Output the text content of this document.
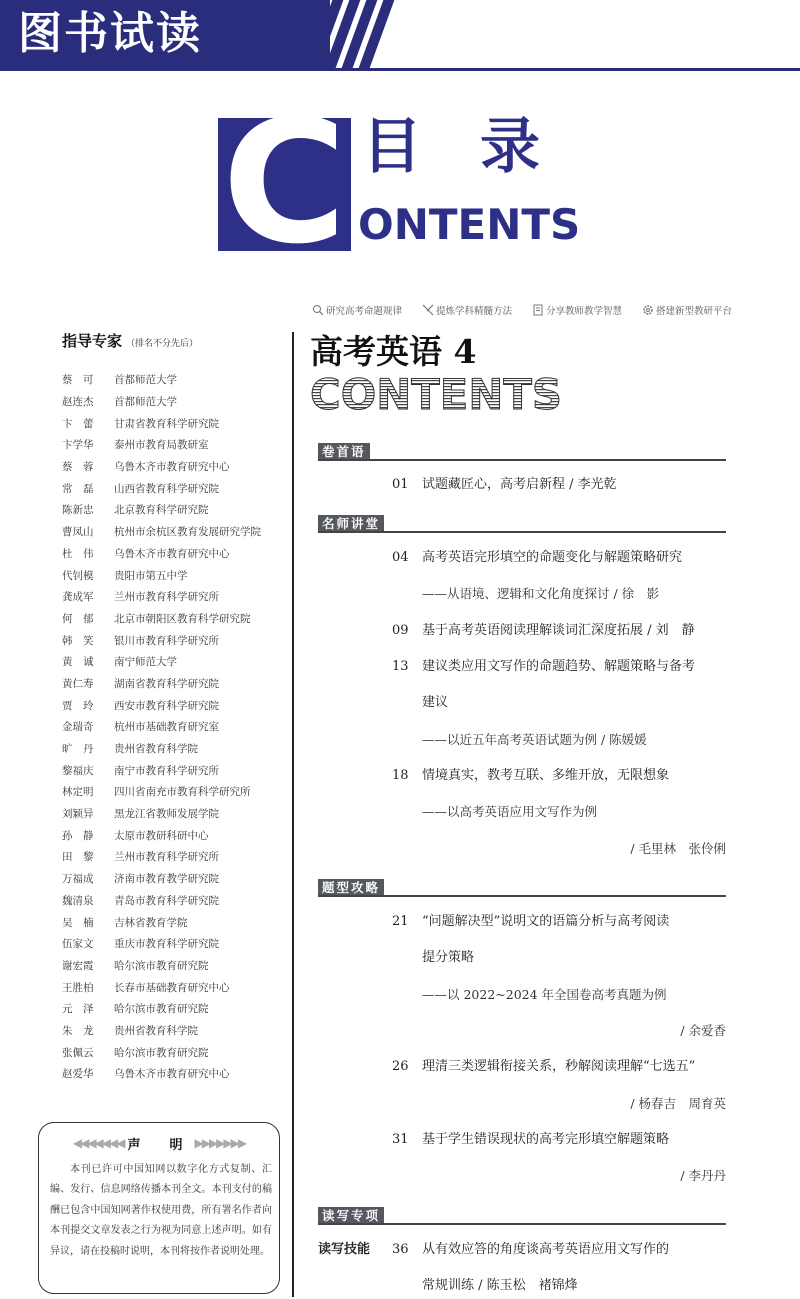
图书试读
C 目录
ONTENTS
研究高考命题规律	提炼学科精髓方法	分享教师教学智慧	搭建新型教研平台
指导专家 （排名不分先后）
蔡　可	首都师范大学
赵连杰	首都师范大学
卞　蕾	甘肃省教育科学研究院
卞学华	泰州市教育局教研室
蔡　蓉	乌鲁木齐市教育研究中心
常　磊	山西省教育科学研究院
陈新忠	北京教育科学研究院
曹凤山	杭州市余杭区教育发展研究学院
杜　伟	乌鲁木齐市教育研究中心
代钊模	贵阳市第五中学
龚成军	兰州市教育科学研究所
何　郁	北京市朝阳区教育科学研究院
韩　笑	银川市教育科学研究所
黄　诚	南宁师范大学
黄仁寿	湖南省教育科学研究院
贾　玲	西安市教育科学研究院
金瑞奇	杭州市基础教育研究室
旷　丹	贵州省教育科学院
黎福庆	南宁市教育科学研究所
林定明	四川省南充市教育科学研究所
刘颖异	黑龙江省教师发展学院
孙　静	太原市教研科研中心
田　黎	兰州市教育科学研究所
万福成	济南市教育教学研究院
魏清泉	青岛市教育科学研究院
吴　楠	吉林省教育学院
伍家文	重庆市教育科学研究院
谢宏霞	哈尔滨市教育研究院
王胜柏	长春市基础教育研究中心
元　泽	哈尔滨市教育研究院
朱　龙	贵州省教育科学院
张佩云	哈尔滨市教育研究院
赵爱华	乌鲁木齐市教育研究中心
◀◀◀◀◀◀◀ 声　明 ▶▶▶▶▶▶▶
本刊已许可中国知网以数字化方式复制、汇编、发行、信息网络传播本刊全文。本刊支付的稿酬已包含中国知网著作权使用费，所有署名作者向本刊提交文章发表之行为视为同意上述声明。如有异议，请在投稿时说明，本刊将按作者说明处理。
高考英语 4
CONTENTS
卷首语
01 试题藏匠心，高考启新程 / 李光乾
名师讲堂
04 高考英语完形填空的命题变化与解题策略研究
——从语境、逻辑和文化角度探讨 / 徐　影
09 基于高考英语阅读理解谈词汇深度拓展 / 刘　静
13 建议类应用文写作的命题趋势、解题策略与备考
建议
——以近五年高考英语试题为例 / 陈媛媛
18 情境真实，教考互联、多维开放，无限想象
——以高考英语应用文写作为例
/ 毛里林　张伶俐
题型攻略
21 “问题解决型”说明文的语篇分析与高考阅读
提分策略
——以 2022~2024 年全国卷高考真题为例
/ 余爱香
26 理清三类逻辑衔接关系，秒解阅读理解“七选五”
/ 杨春吉　周育英
31 基于学生错误现状的高考完形填空解题策略
/ 李丹丹
读写专项
读写技能 36 从有效应答的角度谈高考英语应用文写作的
常规训练 / 陈玉松　褚锦烽
